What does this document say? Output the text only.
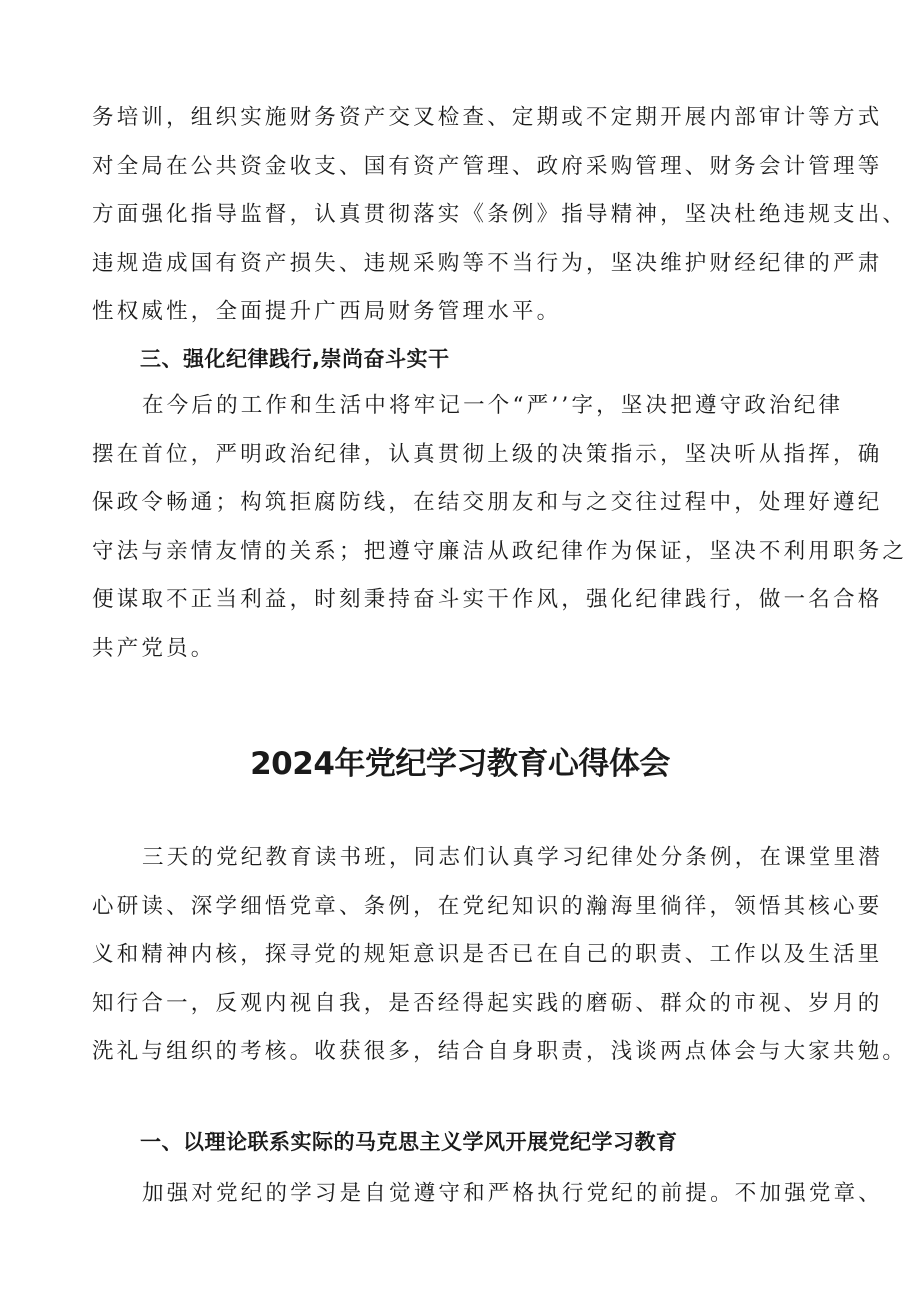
务培训，组织实施财务资产交叉检查、定期或不定期开展内部审计等方式
对全局在公共资金收支、国有资产管理、政府采购管理、财务会计管理等
方面强化指导监督，认真贯彻落实《条例》指导精神，坚决杜绝违规支出、
违规造成国有资产损失、违规采购等不当行为，坚决维护财经纪律的严肃
性权威性，全面提升广西局财务管理水平。

三、强化纪律践行,崇尚奋斗实干

在今后的工作和生活中将牢记一个“严’’字，坚决把遵守政治纪律
摆在首位，严明政治纪律，认真贯彻上级的决策指示，坚决听从指挥，确
保政令畅通；构筑拒腐防线，在结交朋友和与之交往过程中，处理好遵纪
守法与亲情友情的关系；把遵守廉洁从政纪律作为保证，坚决不利用职务之
便谋取不正当利益，时刻秉持奋斗实干作风，强化纪律践行，做一名合格
共产党员。

2024年党纪学习教育心得体会

三天的党纪教育读书班，同志们认真学习纪律处分条例，在课堂里潜
心研读、深学细悟党章、条例，在党纪知识的瀚海里徜徉，领悟其核心要
义和精神内核，探寻党的规矩意识是否已在自己的职责、工作以及生活里
知行合一，反观内视自我，是否经得起实践的磨砺、群众的市视、岁月的
洗礼与组织的考核。收获很多，结合自身职责，浅谈两点体会与大家共勉。

一、以理论联系实际的马克思主义学风开展党纪学习教育

加强对党纪的学习是自觉遵守和严格执行党纪的前提。不加强党章、
